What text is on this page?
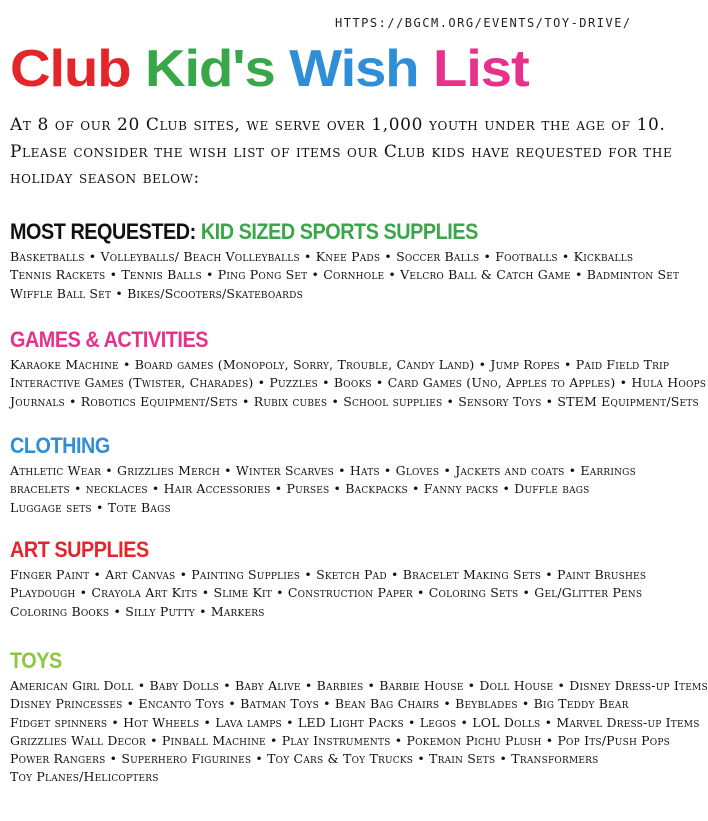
HTTPS://BGCM.ORG/EVENTS/TOY-DRIVE/
Club Kid's Wish List

At 8 of our 20 Club sites, we serve over 1,000 youth under the age of 10. Please consider the wish list of items our Club kids have requested for the holiday season below:

MOST REQUESTED: KID SIZED SPORTS SUPPLIES
Basketballs • Volleyballs/ Beach Volleyballs • Knee Pads • Soccer Balls • Footballs • Kickballs
Tennis Rackets • Tennis Balls • Ping Pong Set • Cornhole • Velcro Ball & Catch Game • Badminton Set
Wiffle Ball Set • Bikes/Scooters/Skateboards
GAMES & ACTIVITIES
Karaoke Machine • Board games (Monopoly, Sorry, Trouble, Candy Land) • Jump Ropes • Paid Field Trip
Interactive Games (Twister, Charades) • Puzzles • Books • Card Games (Uno, Apples to Apples) • Hula Hoops
Journals • Robotics Equipment/Sets • Rubix cubes • School supplies • Sensory Toys • STEM Equipment/Sets
CLOTHING
Athletic Wear • Grizzlies Merch • Winter Scarves • Hats • Gloves • Jackets and coats • Earrings
bracelets • necklaces • Hair Accessories • Purses • Backpacks • Fanny packs • Duffle bags
Luggage sets • Tote Bags
ART SUPPLIES
Finger Paint • Art Canvas • Painting Supplies • Sketch Pad • Bracelet Making Sets • Paint Brushes
Playdough • Crayola Art Kits • Slime Kit • Construction Paper • Coloring Sets • Gel/Glitter Pens
Coloring Books • Silly Putty • Markers
TOYS
American Girl Doll • Baby Dolls • Baby Alive • Barbies • Barbie House • Doll House • Disney Dress-up Items
Disney Princesses • Encanto Toys • Batman Toys • Bean Bag Chairs • Beyblades • Big Teddy Bear
Fidget spinners • Hot Wheels • Lava lamps • LED Light Packs • Legos • LOL Dolls • Marvel Dress-up Items
Grizzlies Wall Decor • Pinball Machine • Play Instruments • Pokemon Pichu Plush • Pop Its/Push Pops
Power Rangers • Superhero Figurines • Toy Cars & Toy Trucks • Train Sets • Transformers
Toy Planes/Helicopters
